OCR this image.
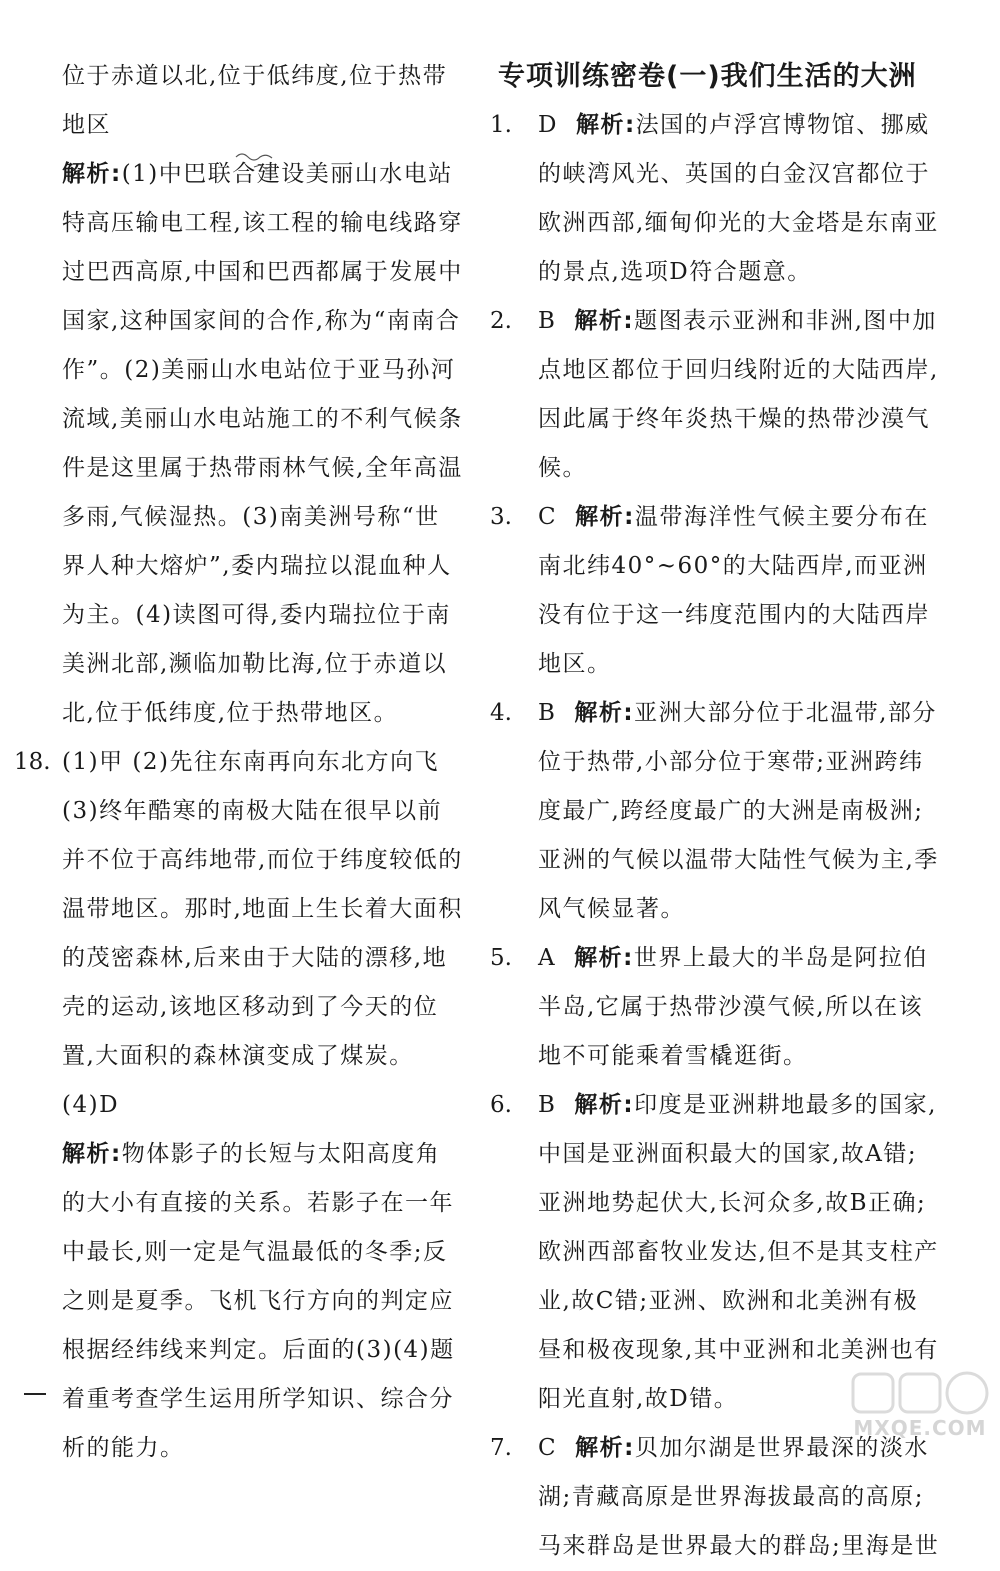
位于赤道以北,位于低纬度,位于热带地区

解析:(1)中巴联合建设美丽山水电站特高压输电工程,该工程的输电线路穿过巴西高原,中国和巴西都属于发展中国家,这种国家间的合作,称为“南南合作”。(2)美丽山水电站位于亚马孙河流域,美丽山水电站施工的不利气候条件是这里属于热带雨林气候,全年高温多雨,气候湿热。(3)南美洲号称“世界人种大熔炉”,委内瑞拉以混血种人为主。(4)读图可得,委内瑞拉位于南美洲北部,濒临加勒比海,位于赤道以北,位于低纬度,位于热带地区。

18. (1)甲 (2)先往东南再向东北方向飞 (3)终年酷寒的南极大陆在很早以前并不位于高纬地带,而位于纬度较低的温带地区。那时,地面上生长着大面积的茂密森林,后来由于大陆的漂移,地壳的运动,该地区移动到了今天的位置,大面积的森林演变成了煤炭。 (4)D

解析:物体影子的长短与太阳高度角的大小有直接的关系。若影子在一年中最长,则一定是气温最低的冬季;反之则是夏季。飞机飞行方向的判定应根据经纬线来判定。后面的(3)(4)题着重考查学生运用所学知识、综合分析的能力。

专项训练密卷(一)我们生活的大洲

1.	D 解析:法国的卢浮宫博物馆、挪威的峡湾风光、英国的白金汉宫都位于欧洲西部,缅甸仰光的大金塔是东南亚的景点,选项D符合题意。

2.	B 解析:题图表示亚洲和非洲,图中加点地区都位于回归线附近的大陆西岸,因此属于终年炎热干燥的热带沙漠气候。

3.	C 解析:温带海洋性气候主要分布在南北纬40°~60°的大陆西岸,而亚洲没有位于这一纬度范围内的大陆西岸地区。

4.	B 解析:亚洲大部分位于北温带,部分位于热带,小部分位于寒带;亚洲跨纬度最广,跨经度最广的大洲是南极洲;亚洲的气候以温带大陆性气候为主,季风气候显著。

5.	A 解析:世界上最大的半岛是阿拉伯半岛,它属于热带沙漠气候,所以在该地不可能乘着雪橇逛街。

6.	B 解析:印度是亚洲耕地最多的国家,中国是亚洲面积最大的国家,故A错;亚洲地势起伏大,长河众多,故B正确;欧洲西部畜牧业发达,但不是其支柱产业,故C错;亚洲、欧洲和北美洲有极昼和极夜现象,其中亚洲和北美洲也有阳光直射,故D错。

7.	C 解析:贝加尔湖是世界最深的淡水湖;青藏高原是世界海拔最高的高原;马来群岛是世界最大的群岛;里海是世

MXQE.COM
